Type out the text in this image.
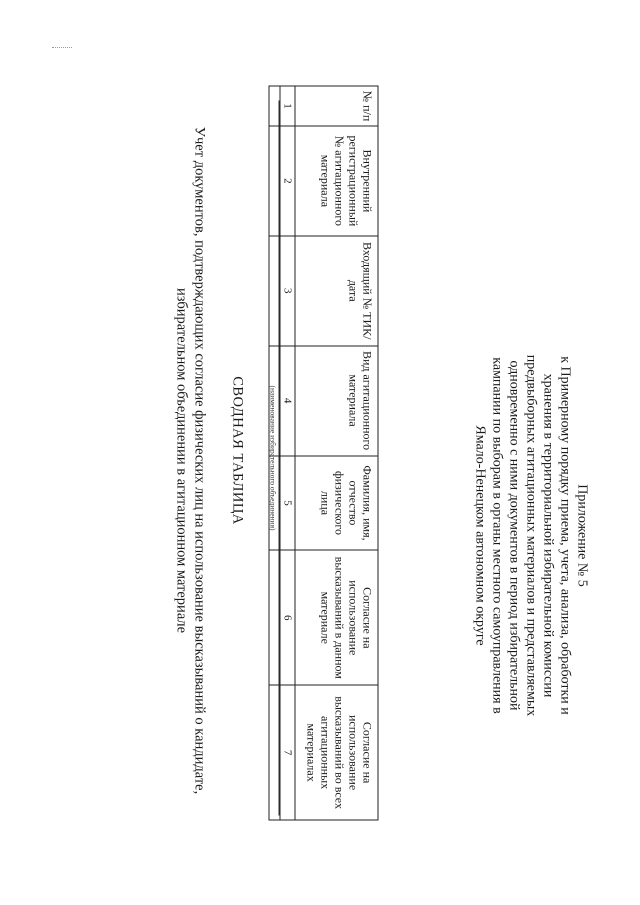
Приложение № 5
к Примерному порядку приема, учета, анализа, обработки и
хранения в территориальной избирательной комиссии
предвыборных агитационных материалов и представляемых
одновременно с ними документов в период избирательной
кампании по выборам в органы местного самоуправления в
Ямало-Ненецком автономном округе
Учет документов, подтверждающих согласие физических лиц на использование высказываний о кандидате,
избирательном объединении в агитационном материале	СВОДНАЯ ТАБЛИЦА	(наименование избирательного объединения)
№ п/п	Внутренний регистрационный № агитационного материала	Входящий № ТИК/дата	Вид агитационного материала	Фамилия, имя, отчество физического лица	Согласие на использование высказываний в данном материале	Согласие на использование высказываний во всех агитационных материалах
1	2	3	4	5	6	7
